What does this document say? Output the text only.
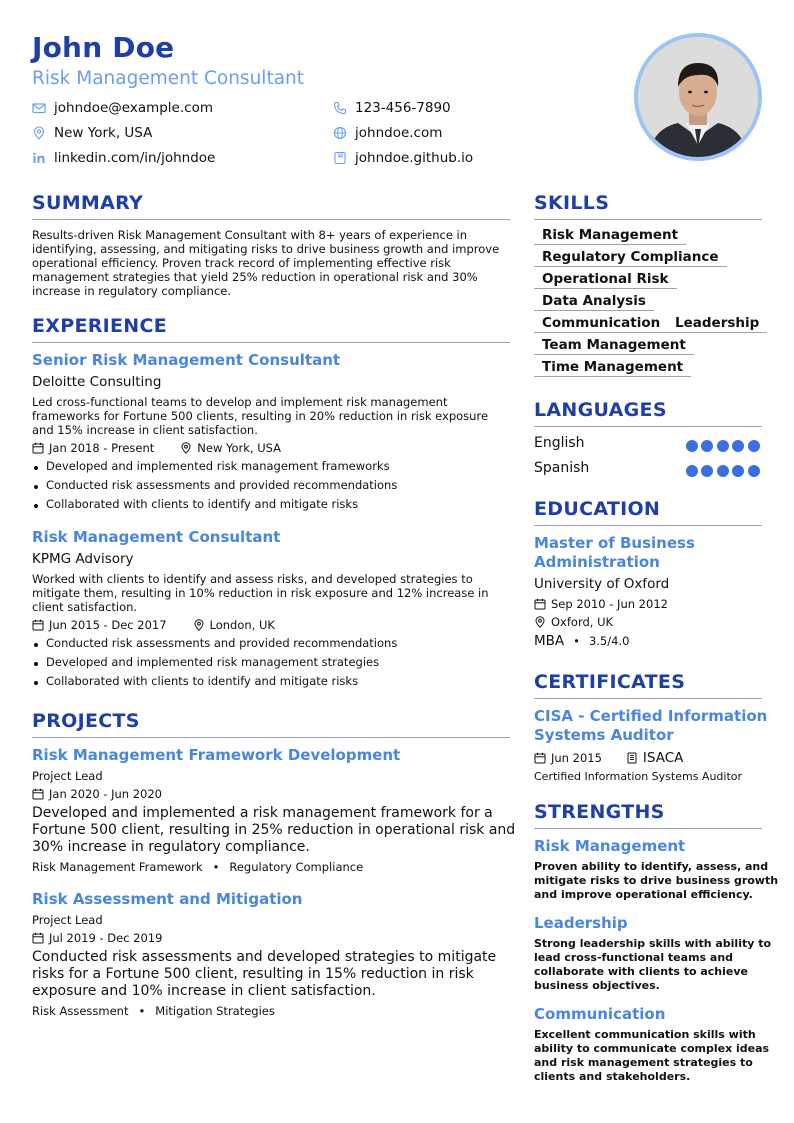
John Doe
Risk Management Consultant
johndoe@example.com	123-456-7890
New York, USA	johndoe.com
linkedin.com/in/johndoe	johndoe.github.io
SUMMARY
Results-driven Risk Management Consultant with 8+ years of experience in
identifying, assessing, and mitigating risks to drive business growth and improve
operational efficiency. Proven track record of implementing effective risk
management strategies that yield 25% reduction in operational risk and 30%
increase in regulatory compliance.
EXPERIENCE
Senior Risk Management Consultant
Deloitte Consulting
Led cross-functional teams to develop and implement risk management
frameworks for Fortune 500 clients, resulting in 20% reduction in risk exposure
and 15% increase in client satisfaction.
Jan 2018 - Present	New York, USA
Developed and implemented risk management frameworks
Conducted risk assessments and provided recommendations
Collaborated with clients to identify and mitigate risks
Risk Management Consultant
KPMG Advisory
Worked with clients to identify and assess risks, and developed strategies to
mitigate them, resulting in 10% reduction in risk exposure and 12% increase in
client satisfaction.
Jun 2015 - Dec 2017	London, UK
Conducted risk assessments and provided recommendations
Developed and implemented risk management strategies
Collaborated with clients to identify and mitigate risks
PROJECTS
Risk Management Framework Development
Project Lead
Jan 2020 - Jun 2020
Developed and implemented a risk management framework for a
Fortune 500 client, resulting in 25% reduction in operational risk and
30% increase in regulatory compliance.
Risk Management Framework • Regulatory Compliance
Risk Assessment and Mitigation
Project Lead
Jul 2019 - Dec 2019
Conducted risk assessments and developed strategies to mitigate
risks for a Fortune 500 client, resulting in 15% reduction in risk
exposure and 10% increase in client satisfaction.
Risk Assessment • Mitigation Strategies
SKILLS
Risk Management
Regulatory Compliance
Operational Risk
Data Analysis
Communication	Leadership
Team Management
Time Management
LANGUAGES
English
Spanish
EDUCATION
Master of Business
Administration
University of Oxford
Sep 2010 - Jun 2012
Oxford, UK
MBA • 3.5/4.0
CERTIFICATES
CISA - Certified Information
Systems Auditor
Jun 2015	ISACA
Certified Information Systems Auditor
STRENGTHS
Risk Management
Proven ability to identify, assess, and
mitigate risks to drive business growth
and improve operational efficiency.
Leadership
Strong leadership skills with ability to
lead cross-functional teams and
collaborate with clients to achieve
business objectives.
Communication
Excellent communication skills with
ability to communicate complex ideas
and risk management strategies to
clients and stakeholders.
